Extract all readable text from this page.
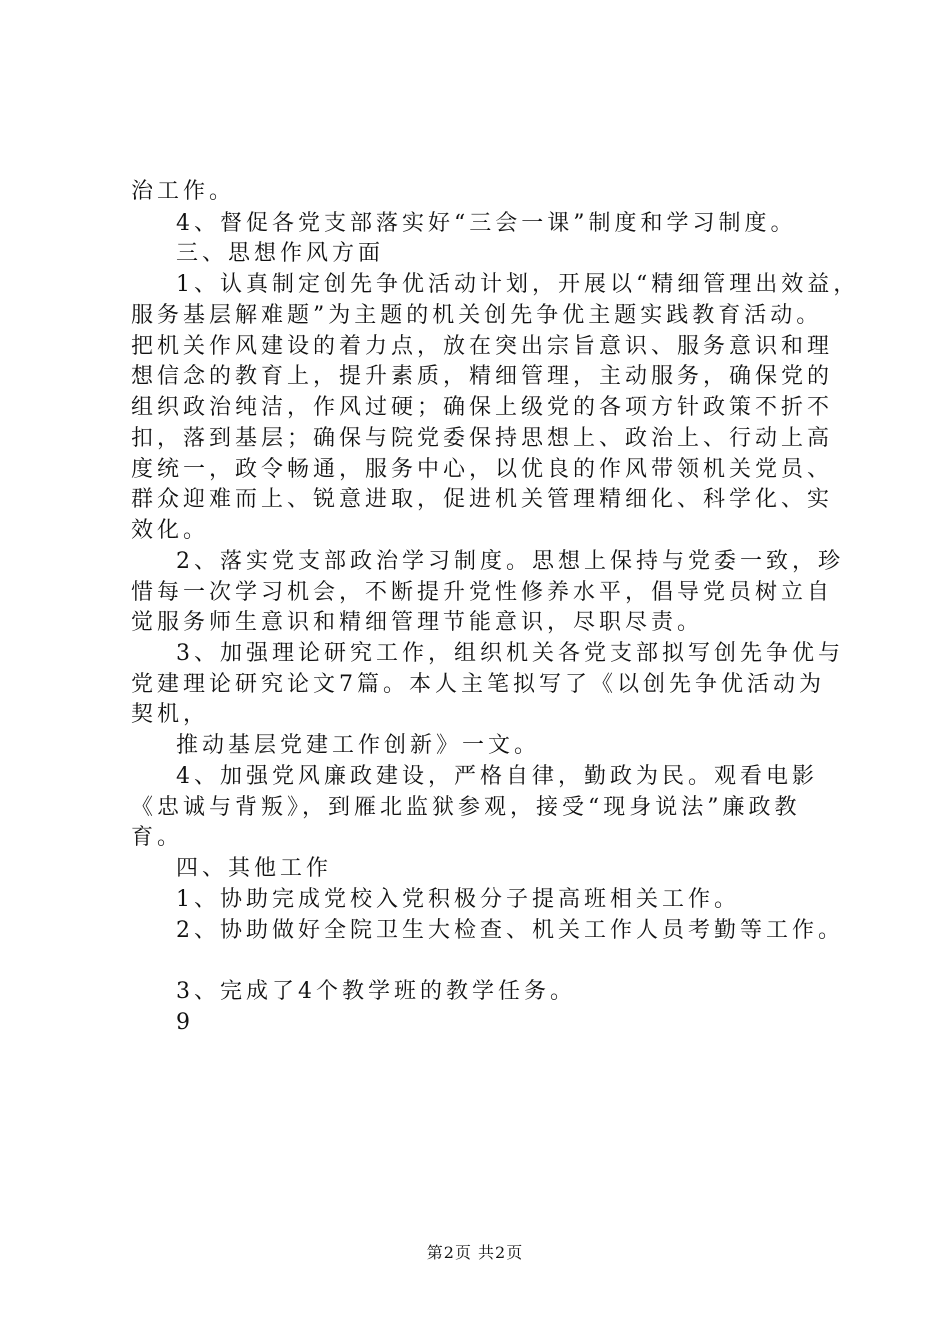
治工作。
4、督促各党支部落实好“三会一课”制度和学习制度。
三、思想作风方面
1、认真制定创先争优活动计划，开展以“精细管理出效益，
服务基层解难题”为主题的机关创先争优主题实践教育活动。
把机关作风建设的着力点，放在突出宗旨意识、服务意识和理
想信念的教育上，提升素质，精细管理，主动服务，确保党的
组织政治纯洁，作风过硬；确保上级党的各项方针政策不折不
扣，落到基层；确保与院党委保持思想上、政治上、行动上高
度统一，政令畅通，服务中心，以优良的作风带领机关党员、
群众迎难而上、锐意进取，促进机关管理精细化、科学化、实
效化。
2、落实党支部政治学习制度。思想上保持与党委一致，珍
惜每一次学习机会，不断提升党性修养水平，倡导党员树立自
觉服务师生意识和精细管理节能意识，尽职尽责。
3、加强理论研究工作，组织机关各党支部拟写创先争优与
党建理论研究论文7篇。本人主笔拟写了《以创先争优活动为
契机，
推动基层党建工作创新》一文。
4、加强党风廉政建设，严格自律，勤政为民。观看电影
《忠诚与背叛》，到雁北监狱参观，接受“现身说法”廉政教
育。
四、其他工作
1、协助完成党校入党积极分子提高班相关工作。
2、协助做好全院卫生大检查、机关工作人员考勤等工作。
3、完成了4个教学班的教学任务。
9
第2页 共2页
